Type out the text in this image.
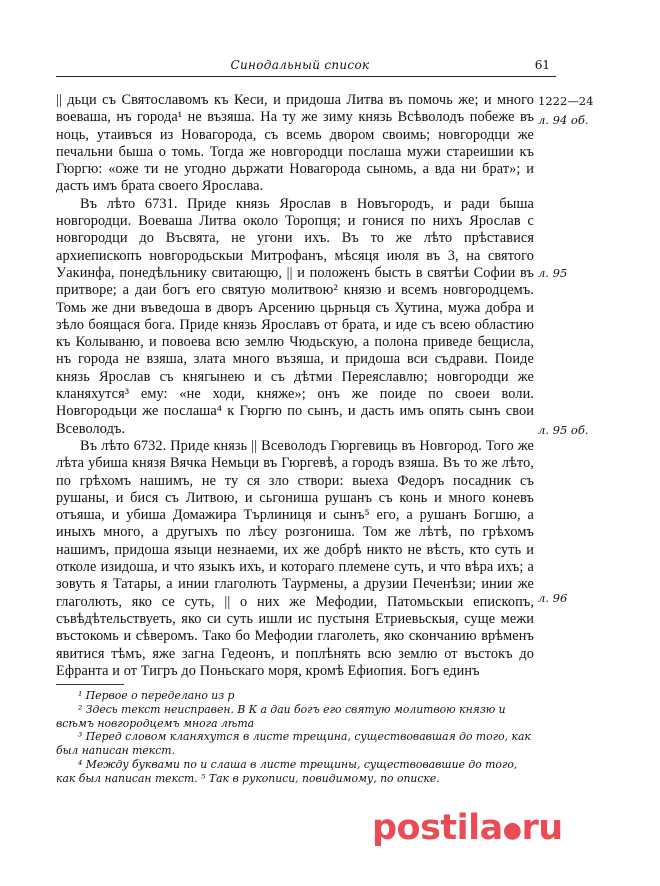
Синодальный список	61
1222—24
л. 94 об.
л. 95
л. 95 об.
л. 96

|| дьци съ Святославомъ къ Кеси, и придоша Литва въ помочь же; и много воеваша, нъ города¹ не възяша. На ту же зиму князь Всѣволодъ побеже въ ноць, утаивъся из Новагорода, съ всемь двором своимь; новгородци же печальни быша о томь. Тогда же новгородци послаша мужи стареишии къ Гюргю: «оже ти не угодно дьржати Новагорода сыномь, а вда ни брат»; и дасть имъ брата своего Ярослава.

Въ лѣто 6731. Приде князь Ярослав в Новъгородъ, и ради быша новгородци. Воеваша Литва около Торопця; и гонися по нихъ Ярослав с новгородци до Въсвята, не угони ихъ. Въ то же лѣто прѣставися архиепископъ новгородьскыи Митрофанъ, мѣсяця июля въ 3, на святого Уакинфа, понедѣльнику свитающю, || и положенъ бысть в святѣи Софии въ притворе; а даи богъ его святую молитвою² князю и всемъ новгородцемъ. Томь же дни въведоша в дворъ Арсению цьрньця съ Хутина, мужа добра и зѣло боящася бога. Приде князь Ярославъ от брата, и иде съ всею областию къ Колываню, и повоева всю землю Чюдьскую, а полона приведе бещисла, нъ города не взяша, злата много възяша, и придоша вси съдрави. Поиде князь Ярослав съ княгынею и съ дѣтми Переяславлю; новгородци же кланяхутся³ ему: «не ходи, княже»; онъ же поиде по своеи воли. Новгородьци же послаша⁴ к Гюргю по сынъ, и дасть имъ опять сынъ свои Всеволодъ.

Въ лѣто 6732. Приде князь || Всеволодъ Гюргевиць въ Новгород. Того же лѣта убиша князя Вячка Немьци въ Гюргевѣ, а городъ взяша. Въ то же лѣто, по грѣхомъ нашимъ, не ту ся зло створи: выеха Федоръ посадник съ рушаны, и бися съ Литвою, и сьгониша рушанъ съ конь и много коневъ отъяша, и убиша Домажира Търлиниця и сынъ⁵ его, а рушанъ Богшю, а иныхъ много, а другыхъ по лѣсу розгониша. Том же лѣтѣ, по грѣхомъ нашимъ, придоша языци незнаеми, их же добрѣ никто не вѣсть, кто суть и отколе изидоша, и что языкъ ихъ, и которагo племене суть, и что вѣра ихъ; а зовуть я Татары, а инии глаголють Таурмены, а друзии Печенѣзи; инии же глаголють, яко се суть, || о них же Мефодии, Патомьскыи епископъ, съвѣдѣтельствуеть, яко си суть ишли ис пустыня Етриевьскыя, суще межи въстокомь и сѣверомъ. Тако бо Мефодии глаголеть, яко скончанию врѣменъ явитися тѣмъ, яже загна Гедеонъ, и поплѣнять всю землю от въстокъ до Ефранта и от Тигръ до Поньскаго моря, кромѣ Ефиопия. Богъ единъ

¹ Первое о переделано из р
² Здесь текст неисправен. В К а даи богъ его святую молитвою князю и всѣмъ новгородцемъ многа лѣта
³ Перед словом кланяхутся в листе трещина, существовавшая до того, как был написан текст.
⁴ Между буквами по и слаша в листе трещины, существовавшие до того, как был написан текст. ⁵ Так в рукописи, повидимому, по описке.
postila●ru
